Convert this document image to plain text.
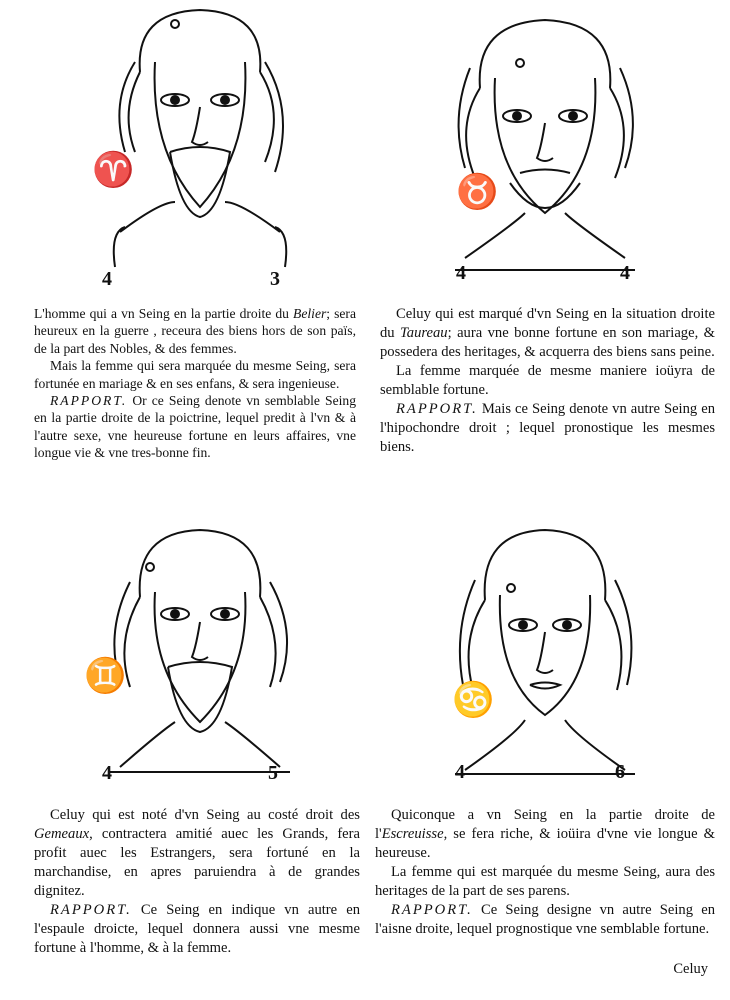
♈
4	3
♉
4	4
♊
4	5
♋
4	6

L'homme qui a vn Seing en la partie droite du Belier; sera heureux en la guerre , receura des biens hors de son païs, de la part des Nobles, & des femmes.

Mais la femme qui sera marquée du mesme Seing, sera fortunée en mariage & en ses enfans, & sera ingenieuse.

RAPPORT. Or ce Seing denote vn semblable Seing en la partie droite de la poictrine, lequel predit à l'vn & à l'autre sexe, vne heureuse fortune en leurs affaires, vne longue vie & vne tres-bonne fin.

Celuy qui est marqué d'vn Seing en la situation droite du Taureau; aura vne bonne fortune en son mariage, & possedera des heritages, & acquerra des biens sans peine.

La femme marquée de mesme maniere ioüyra de semblable fortune.

RAPPORT. Mais ce Seing denote vn autre Seing en l'hipochondre droit ; lequel pronostique les mesmes biens.

Celuy qui est noté d'vn Seing au costé droit des Gemeaux, contractera amitié auec les Grands, fera profit auec les Estrangers, sera fortuné en la marchandise, en apres paruiendra à de grandes dignitez.

RAPPORT. Ce Seing en indique vn autre en l'espaule droicte, lequel donnera aussi vne mesme fortune à l'homme, & à la femme.

Quiconque a vn Seing en la partie droite de l'Escreuisse, se fera riche, & ioüira d'vne vie longue & heureuse.

La femme qui est marquée du mesme Seing, aura des heritages de la part de ses parens.

RAPPORT. Ce Seing designe vn autre Seing en l'aisne droite, lequel prognostique vne semblable fortune.

Celuy
